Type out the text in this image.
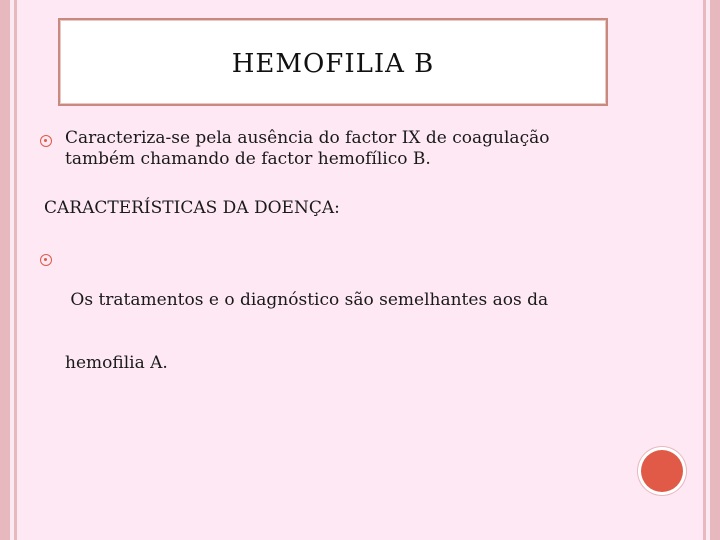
HEMOFILIA B
Caracteriza-se pela ausência do factor IX de coagulação
também chamando de factor hemofílico B.
CARACTERÍSTICAS DA DOENÇA:

Os tratamentos e o diagnóstico são semelhantes aos da

hemofilia A.
